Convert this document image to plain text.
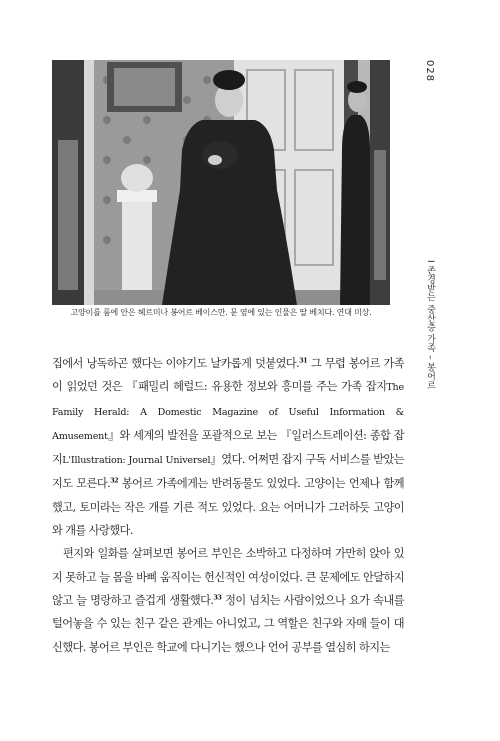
고양이를 품에 안은 헤르미나 봉어르 베이스만. 문 옆에 있는 인물은 딸 베치다. 연대 미상.
028
I 존경받는 중산층 가족 – 봉어르

집에서 낭독하곤 했다는 이야기도 날카롭게 덧붙였다.$^{31}$ 그 무렵 봉어르 가족이 읽었던 것은 『패밀리 헤럴드: 유용한 정보와 흥미를 주는 가족 잡지The Family Herald: A Domestic Magazine of Useful Information & Amusement』와 세계의 발전을 포괄적으로 보는 『일러스트레이션: 종합 잡지L'Illustration: Journal Universel』였다. 어쩌면 잡지 구독 서비스를 받았는지도 모른다.$^{32}$ 봉어르 가족에게는 반려동물도 있었다. 고양이는 언제나 함께했고, 토미라는 작은 개를 기른 적도 있었다. 요는 어머니가 그러하듯 고양이와 개를 사랑했다.

편지와 일화를 살펴보면 봉어르 부인은 소박하고 다정하며 가만히 앉아 있지 못하고 늘 몸을 바삐 움직이는 헌신적인 여성이었다. 큰 문제에도 안달하지 않고 늘 명랑하고 즐겁게 생활했다.$^{33}$ 정이 넘치는 사람이었으나 요가 속내를 털어놓을 수 있는 친구 같은 관계는 아니었고, 그 역할은 친구와 자매 들이 대신했다. 봉어르 부인은 학교에 다니기는 했으나 언어 공부를 열심히 하지는
